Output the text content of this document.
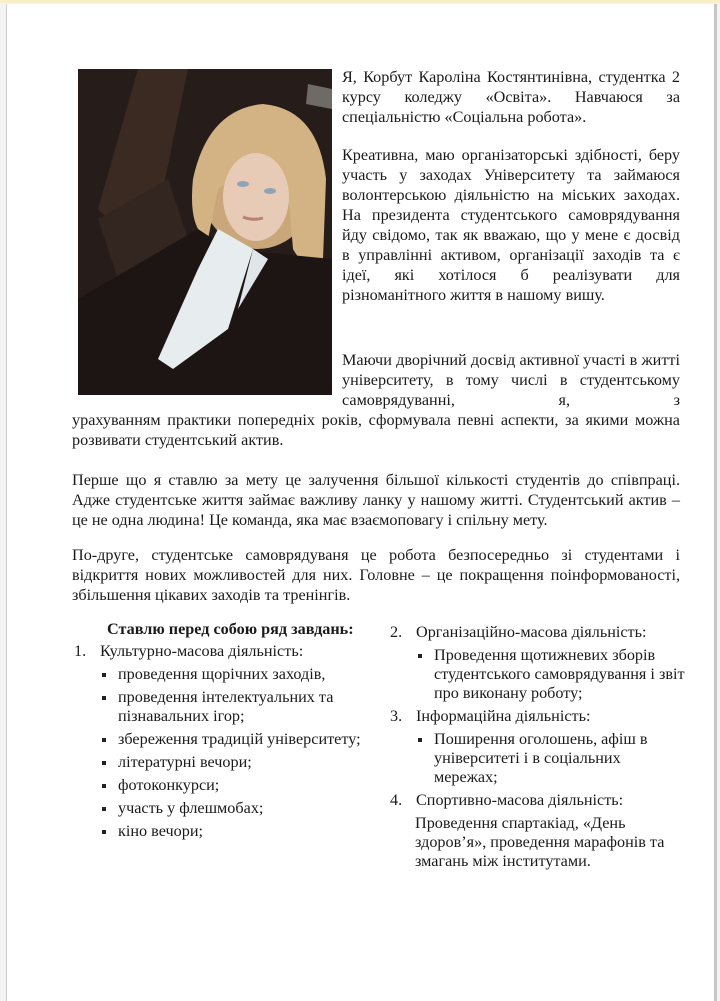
Я, Корбут Кароліна Костянтинівна, студентка 2 курсу коледжу «Освіта». Навчаюся за спеціальністю «Соціальна робота».
Креативна, маю організаторські здібності, беру участь у заходах Університету та займаюся волонтерською діяльністю на міських заходах. На президента студентського самоврядування йду свідомо, так як вважаю, що у мене є досвід в управлінні активом, організації заходів та є ідеї, які хотілося б реалізувати для різноманітного життя в нашому вишу.
Маючи дворічний досвід активної участі в житті університету, в тому числі в студентському самоврядуванні, я, з
урахуванням практики попередніх років, сформувала певні аспекти, за якими можна розвивати студентський актив.
Перше що я ставлю за мету це залучення більшої кількості студентів до співпраці. Адже студентське життя займає важливу ланку у нашому житті. Студентський актив – це не одна людина! Це команда, яка має взаємоповагу і спільну мету.
По-друге, студентське самоврядуваня це робота безпосередньо зі студентами і відкриття нових можливостей для них. Головне – це покращення поінформованості, збільшення цікавих заходів та тренінгів.
Ставлю перед собою ряд завдань:
1. Культурно-масова діяльність:
проведення щорічних заходів,
проведення інтелектуальних та пізнавальних ігор;
збереження традицій університету;
літературні вечори;
фотоконкурси;
участь у флешмобах;
кіно вечори;
2. Організаційно-масова діяльність:
Проведення щотижневих зборів студентського самоврядування і звіт про виконану роботу;
3. Інформаційна діяльність:
Поширення оголошень, афіш в університеті і в соціальних мережах;
4. Спортивно-масова діяльність:
Проведення спартакіад, «День здоров’я», проведення марафонів та змагань між інститутами.
